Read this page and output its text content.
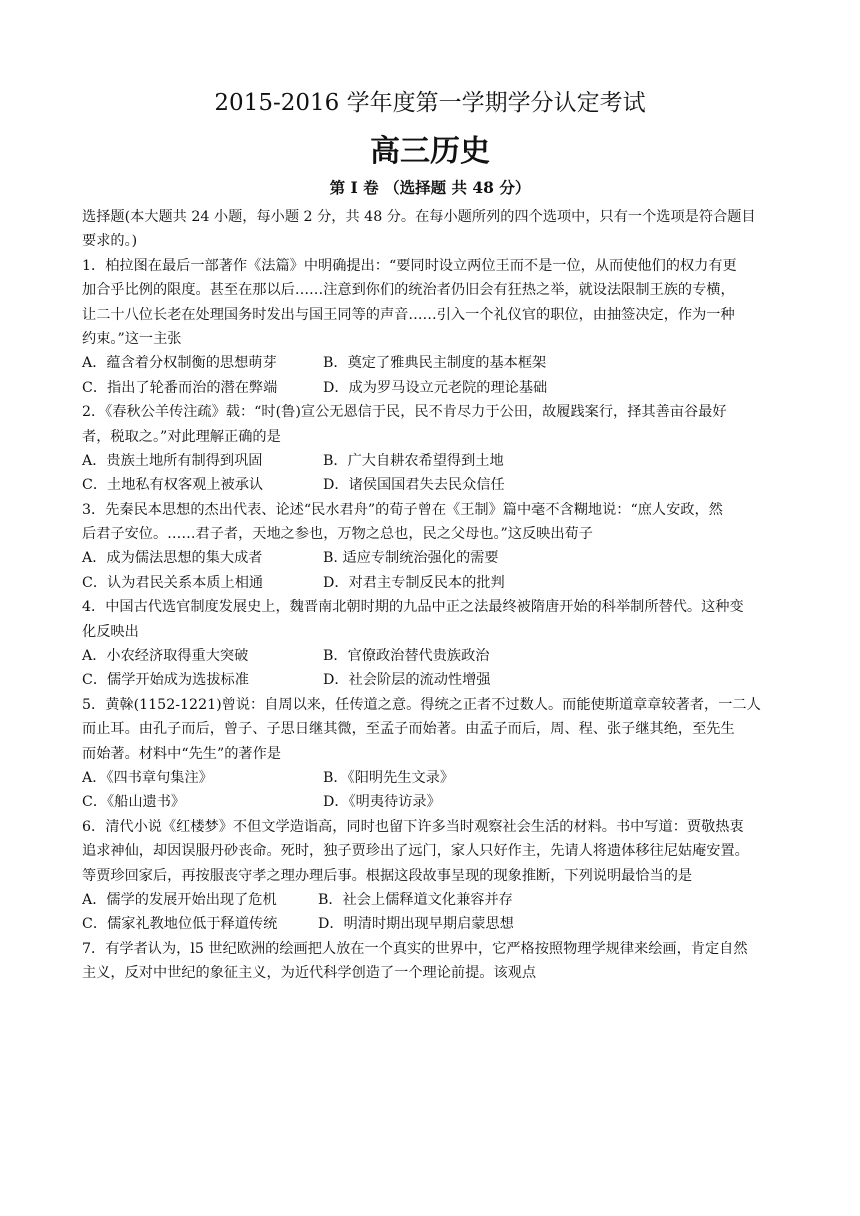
2015-2016 学年度第一学期学分认定考试
高三历史
第 I 卷 （选择题 共 48 分）
选择题(本大题共 24 小题，每小题 2 分，共 48 分。在每小题所列的四个选项中，只有一个选项是符合题目
要求的。)
1．柏拉图在最后一部著作《法篇》中明确提出：“要同时设立两位王而不是一位，从而使他们的权力有更
加合乎比例的限度。甚至在那以后……注意到你们的统治者仍旧会有狂热之举，就设法限制王族的专横，
让二十八位长老在处理国务时发出与国王同等的声音……引入一个礼仪官的职位，由抽签决定，作为一种
约束。”这一主张
A．蕴含着分权制衡的思想萌芽	B．奠定了雅典民主制度的基本框架
C．指出了轮番而治的潜在弊端	D．成为罗马设立元老院的理论基础
2．《春秋公羊传注疏》载：“时(鲁)宣公无恩信于民，民不肯尽力于公田，故履践案行，择其善亩谷最好
者，税取之。”对此理解正确的是
A．贵族土地所有制得到巩固	B．广大自耕农希望得到土地
C．土地私有权客观上被承认	D．诸侯国国君失去民众信任
3．先秦民本思想的杰出代表、论述“民水君舟”的荀子曾在《王制》篇中毫不含糊地说：“庶人安政，然
后君子安位。……君子者，天地之参也，万物之总也，民之父母也。”这反映出荀子
A．成为儒法思想的集大成者	B. 适应专制统治强化的需要
C．认为君民关系本质上相通	D．对君主专制反民本的批判
4．中国古代选官制度发展史上，魏晋南北朝时期的九品中正之法最终被隋唐开始的科举制所替代。这种变
化反映出
A．小农经济取得重大突破	B．官僚政治替代贵族政治
C．儒学开始成为选拔标准	D．社会阶层的流动性增强
5．黄榦(1152-1221)曾说：自周以来，任传道之意。得统之正者不过数人。而能使斯道章章较著者，一二人
而止耳。由孔子而后，曾子、子思日继其微，至孟子而始著。由孟子而后，周、程、张子继其绝，至先生
而始著。材料中“先生”的著作是
A．《四书章句集注》	B．《阳明先生文录》
C．《船山遗书》	D．《明夷待访录》
6．清代小说《红楼梦》不但文学造诣高，同时也留下许多当时观察社会生活的材料。书中写道：贾敬热衷
追求神仙，却因误服丹砂丧命。死时，独子贾珍出了远门，家人只好作主，先请人将遗体移往尼姑庵安置。
等贾珍回家后，再按服丧守孝之理办理后事。根据这段故事呈现的现象推断，下列说明最恰当的是
A．儒学的发展开始出现了危机	B．社会上儒释道文化兼容并存
C．儒家礼教地位低于释道传统	D．明清时期出现早期启蒙思想
7．有学者认为，l5 世纪欧洲的绘画把人放在一个真实的世界中，它严格按照物理学规律来绘画，肯定自然
主义，反对中世纪的象征主义，为近代科学创造了一个理论前提。该观点
